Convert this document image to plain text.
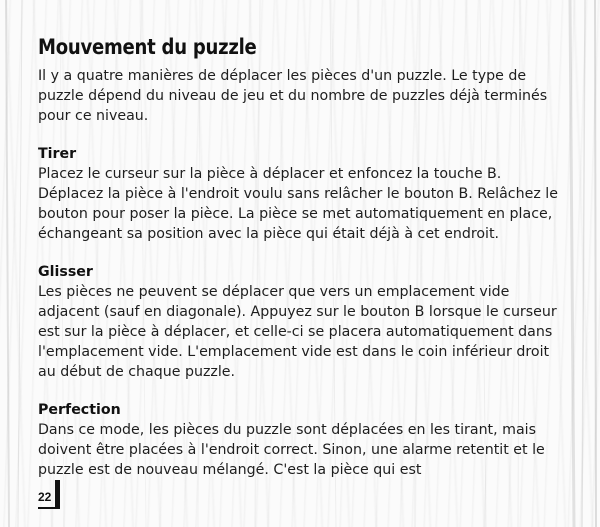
Mouvement du puzzle

Il y a quatre manières de déplacer les pièces d'un puzzle. Le type de puzzle dépend du niveau de jeu et du nombre de puzzles déjà terminés pour ce niveau.

Tirer

Placez le curseur sur la pièce à déplacer et enfoncez la touche B. Déplacez la pièce à l'endroit voulu sans relâcher le bouton B. Relâchez le bouton pour poser la pièce. La pièce se met automatiquement en place, échangeant sa position avec la pièce qui était déjà à cet endroit.

Glisser

Les pièces ne peuvent se déplacer que vers un emplacement vide adjacent (sauf en diagonale). Appuyez sur le bouton B lorsque le curseur est sur la pièce à déplacer, et celle-ci se placera automatiquement dans l'emplacement vide. L'emplacement vide est dans le coin inférieur droit au début de chaque puzzle.

Perfection

Dans ce mode, les pièces du puzzle sont déplacées en les tirant, mais doivent être placées à l'endroit correct. Sinon, une alarme retentit et le puzzle est de nouveau mélangé. C'est la pièce qui est

22
